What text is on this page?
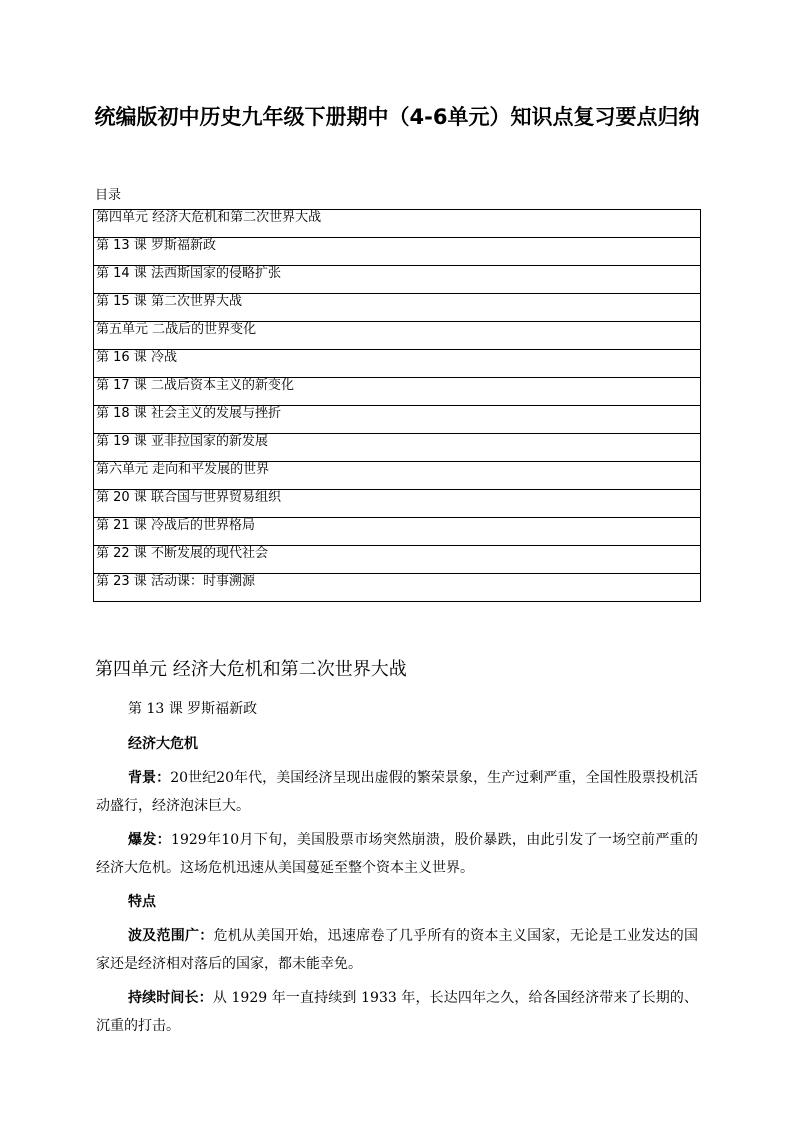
统编版初中历史九年级下册期中（4-6单元）知识点复习要点归纳
目录
第四单元 经济大危机和第二次世界大战
第 13 课 罗斯福新政
第 14 课 法西斯国家的侵略扩张
第 15 课 第二次世界大战
第五单元 二战后的世界变化
第 16 课 冷战
第 17 课 二战后资本主义的新变化
第 18 课 社会主义的发展与挫折
第 19 课 亚非拉国家的新发展
第六单元 走向和平发展的世界
第 20 课 联合国与世界贸易组织
第 21 课 冷战后的世界格局
第 22 课 不断发展的现代社会
第 23 课 活动课：时事溯源
第四单元 经济大危机和第二次世界大战
第 13 课 罗斯福新政

经济大危机

背景：20世纪20年代，美国经济呈现出虚假的繁荣景象，生产过剩严重，全国性股票投机活动盛行，经济泡沫巨大。

爆发：1929年10月下旬，美国股票市场突然崩溃，股价暴跌，由此引发了一场空前严重的经济大危机。这场危机迅速从美国蔓延至整个资本主义世界。

特点

波及范围广：危机从美国开始，迅速席卷了几乎所有的资本主义国家，无论是工业发达的国家还是经济相对落后的国家，都未能幸免。

持续时间长：从 1929 年一直持续到 1933 年，长达四年之久，给各国经济带来了长期的、沉重的打击。
